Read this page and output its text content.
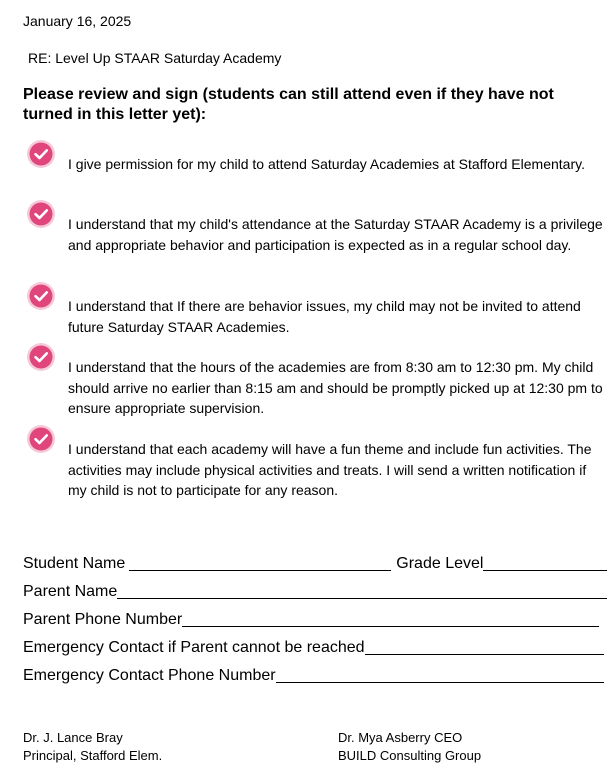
January 16, 2025
RE: Level Up STAAR Saturday Academy
Please review and sign (students can still attend even if they have not turned in this letter yet):
I give permission for my child to attend Saturday Academies at Stafford Elementary.
I understand that my child's attendance at the Saturday STAAR Academy is a privilege and appropriate behavior and participation is expected as in a regular school day.
I understand that If there are behavior issues, my child may not be invited to attend future Saturday STAAR Academies.
I understand that the hours of the academies are from 8:30 am to 12:30 pm. My child should arrive no earlier than 8:15 am and should be promptly picked up at 12:30 pm to ensure appropriate supervision.
I understand that each academy will have a fun theme and include fun activities. The activities may include physical activities and treats. I will send a written notification if my child is not to participate for any reason.
Student Name	Grade Level
Parent Name
Parent Phone Number
Emergency Contact if Parent cannot be reached
Emergency Contact Phone Number
Dr. J. Lance Bray
Principal, Stafford Elem.
Dr. Mya Asberry CEO
BUILD Consulting Group
